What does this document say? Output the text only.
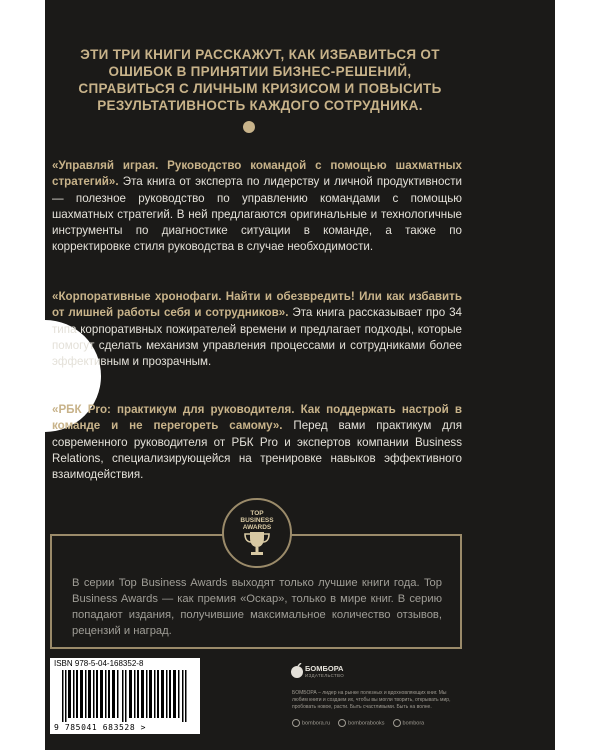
ЭТИ ТРИ КНИГИ РАССКАЖУТ, КАК ИЗБАВИТЬСЯ ОТ ОШИБОК В ПРИНЯТИИ БИЗНЕС-РЕШЕНИЙ, СПРАВИТЬСЯ С ЛИЧНЫМ КРИЗИСОМ И ПОВЫСИТЬ РЕЗУЛЬТАТИВНОСТЬ КАЖДОГО СОТРУДНИКА.
«Управляй играя. Руководство командой с помощью шахматных стратегий». Эта книга от эксперта по лидерству и личной продуктивности — полезное руководство по управлению командами с помощью шахматных стратегий. В ней предлагаются оригинальные и технологичные инструменты по диагностике ситуации в команде, а также по корректировке стиля руководства в случае необходимости.
«Корпоративные хронофаги. Найти и обезвредить! Или как избавить от лишней работы себя и сотрудников». Эта книга рассказывает про 34 типа корпоративных пожирателей времени и предлагает подходы, которые помогут сделать механизм управления процессами и сотрудниками более эффективным и прозрачным.
«РБК Pro: практикум для руководителя. Как поддержать настрой в команде и не перегореть самому». Перед вами практикум для современного руководителя от РБК Pro и экспертов компании Business Relations, специализирующейся на тренировке навыков эффективного взаимодействия.
TOP
BUSINESS
AWARDS
В серии Top Business Awards выходят только лучшие книги года. Top Business Awards — как премия «Оскар», только в мире книг. В серию попадают издания, получившие максимальное количество отзывов, рецензий и наград.
ISBN 978-5-04-168352-8
9 785041 683528 >
БОМБОРА
ИЗДАТЕЛЬСТВО
БОМБОРА – лидер на рынке полезных и вдохновляющих книг. Мы любим книги и создаем их, чтобы вы могли творить, открывать мир, пробовать новое, расти. Быть счастливыми. Быть на волне.
bombora.ru	bomborabooks	bombora
